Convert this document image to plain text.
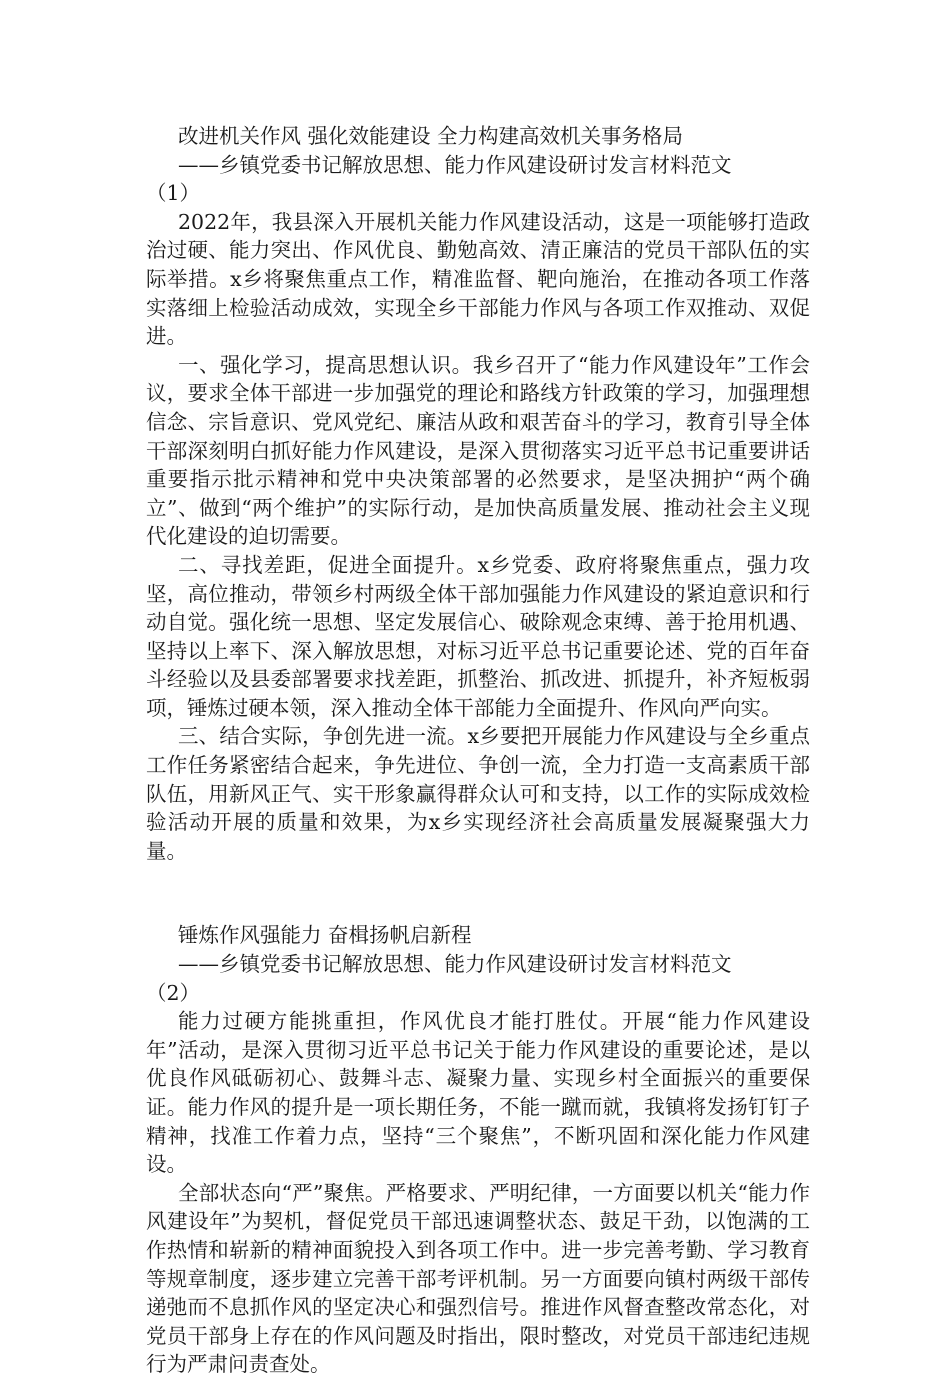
改进机关作风 强化效能建设 全力构建高效机关事务格局

——乡镇党委书记解放思想、能力作风建设研讨发言材料范文

（1）

2022年，我县深入开展机关能力作风建设活动，这是一项能够打造政治过硬、能力突出、作风优良、勤勉高效、清正廉洁的党员干部队伍的实际举措。x乡将聚焦重点工作，精准监督、靶向施治，在推动各项工作落实落细上检验活动成效，实现全乡干部能力作风与各项工作双推动、双促进。

一、强化学习，提高思想认识。我乡召开了“能力作风建设年”工作会议，要求全体干部进一步加强党的理论和路线方针政策的学习，加强理想信念、宗旨意识、党风党纪、廉洁从政和艰苦奋斗的学习，教育引导全体干部深刻明白抓好能力作风建设，是深入贯彻落实习近平总书记重要讲话重要指示批示精神和党中央决策部署的必然要求，是坚决拥护“两个确立”、做到“两个维护”的实际行动，是加快高质量发展、推动社会主义现代化建设的迫切需要。

二、寻找差距，促进全面提升。x乡党委、政府将聚焦重点，强力攻坚，高位推动，带领乡村两级全体干部加强能力作风建设的紧迫意识和行动自觉。强化统一思想、坚定发展信心、破除观念束缚、善于抢用机遇、坚持以上率下、深入解放思想，对标习近平总书记重要论述、党的百年奋斗经验以及县委部署要求找差距，抓整治、抓改进、抓提升，补齐短板弱项，锤炼过硬本领，深入推动全体干部能力全面提升、作风向严向实。

三、结合实际，争创先进一流。x乡要把开展能力作风建设与全乡重点工作任务紧密结合起来，争先进位、争创一流，全力打造一支高素质干部队伍，用新风正气、实干形象赢得群众认可和支持，以工作的实际成效检验活动开展的质量和效果，为x乡实现经济社会高质量发展凝聚强大力量。

锤炼作风强能力 奋楫扬帆启新程

——乡镇党委书记解放思想、能力作风建设研讨发言材料范文

（2）

能力过硬方能挑重担，作风优良才能打胜仗。开展“能力作风建设年”活动，是深入贯彻习近平总书记关于能力作风建设的重要论述，是以优良作风砥砺初心、鼓舞斗志、凝聚力量、实现乡村全面振兴的重要保证。能力作风的提升是一项长期任务，不能一蹴而就，我镇将发扬钉钉子精神，找准工作着力点，坚持“三个聚焦”，不断巩固和深化能力作风建设。

全部状态向“严”聚焦。严格要求、严明纪律，一方面要以机关“能力作风建设年”为契机，督促党员干部迅速调整状态、鼓足干劲，以饱满的工作热情和崭新的精神面貌投入到各项工作中。进一步完善考勤、学习教育等规章制度，逐步建立完善干部考评机制。另一方面要向镇村两级干部传递弛而不息抓作风的坚定决心和强烈信号。推进作风督查整改常态化，对党员干部身上存在的作风问题及时指出，限时整改，对党员干部违纪违规行为严肃问责查处。
